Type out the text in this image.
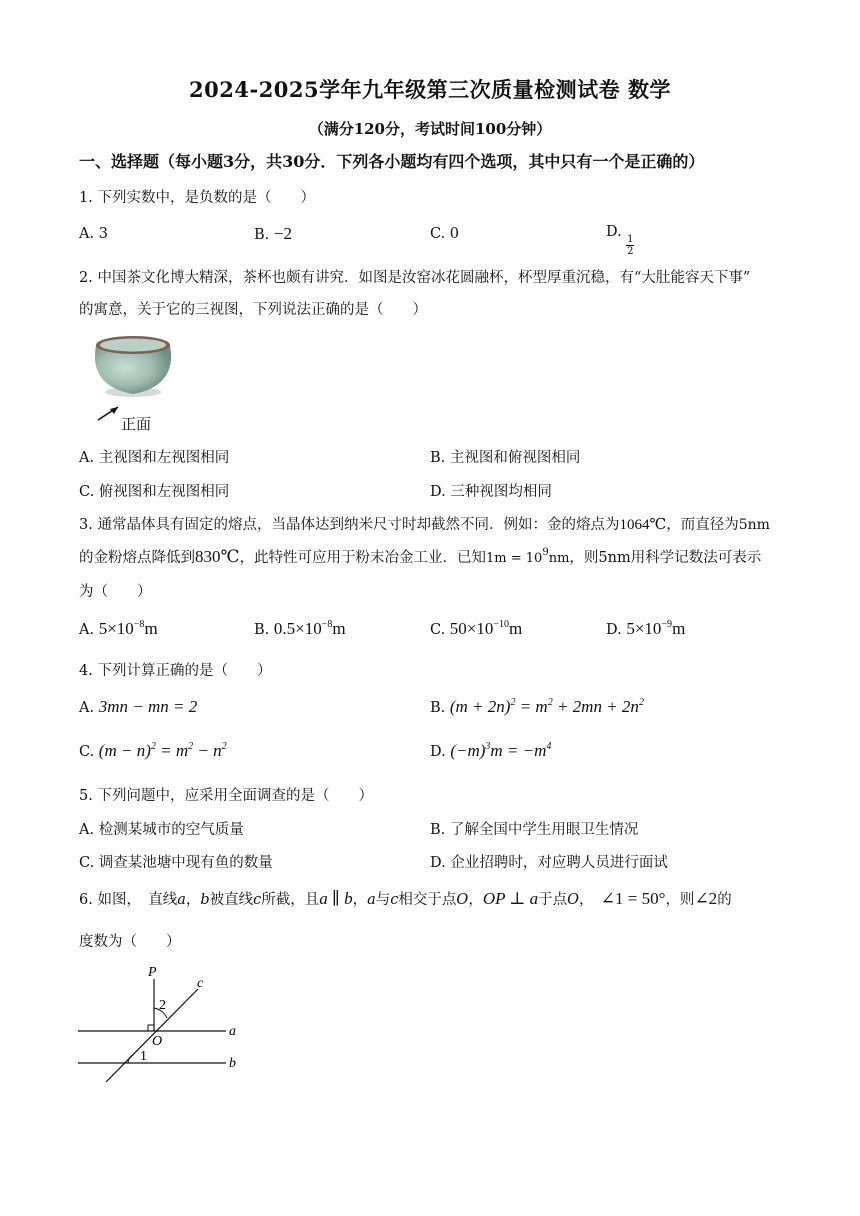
2024-2025学年九年级第三次质量检测试卷 数学
（满分120分，考试时间100分钟）
一、选择题（每小题3分，共30分．下列各小题均有四个选项，其中只有一个是正确的）
1. 下列实数中，是负数的是（　　）
A. 3	B. −2	C. 0	D.
$\frac{1}{2}$
2. 中国茶文化博大精深，茶杯也颇有讲究．如图是汝窑冰花圆融杯，杯型厚重沉稳，有“大肚能容天下事”
的寓意，关于它的三视图，下列说法正确的是（　　）
正面
A. 主视图和左视图相同	B. 主视图和俯视图相同
C. 俯视图和左视图相同	D. 三种视图均相同
3. 通常晶体具有固定的熔点，当晶体达到纳米尺寸时却截然不同．例如：金的熔点为1064℃，而直径为5nm
的金粉熔点降低到830℃，此特性可应用于粉末冶金工业．已知$1m = 10^9nm$，则5nm用科学记数法可表示
为（　　）
A. $5\times 10^{-8}m$	B. $0.5\times 10^{-8}m$	C. $50\times 10^{-10}m$	D. $5\times 10^{-9}m$
4. 下列计算正确的是（　　）
A. 3mn − mn = 2	B. $(m + 2n)^2 = m^2 + 2mn + 2n^2$
C. $(m - n)^2 = m^2 - n^2$	D. $(-m)^3m = -m^4$
5. 下列问题中，应采用全面调查的是（　　）
A. 检测某城市的空气质量	B. 了解全国中学生用眼卫生情况
C. 调查某池塘中现有鱼的数量	D. 企业招聘时，对应聘人员进行面试
6. 如图，　直线a，b被直线c所截，且a ∥ b，a与c相交于点O，OP ⊥ a于点O，　∠1 = 50°，则∠2的
度数为（　　）
P
c
a
b
O
2
1
